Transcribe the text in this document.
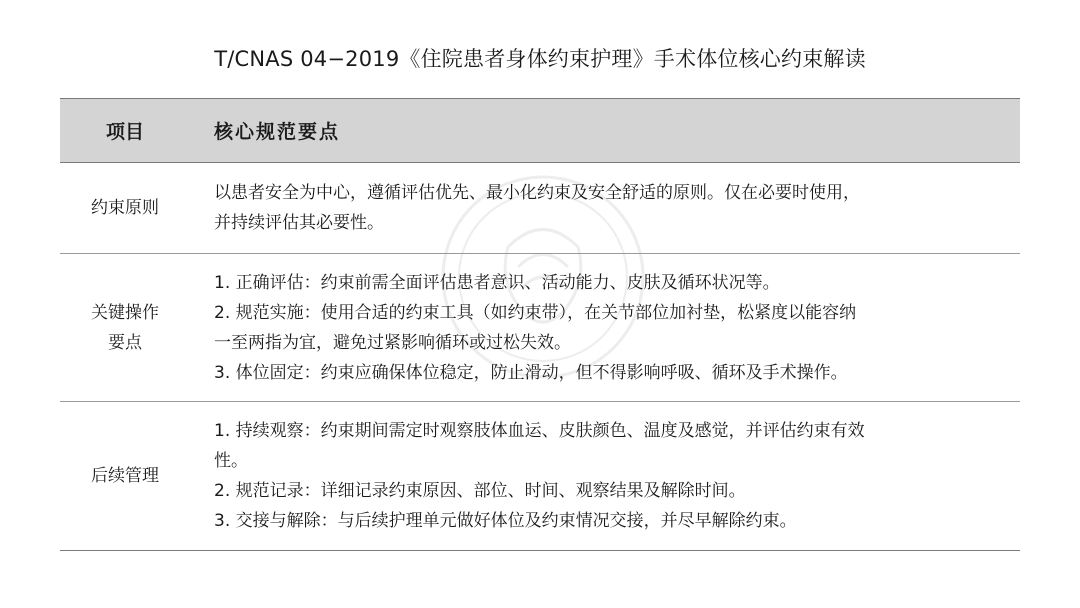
T/CNAS 04−2019《住院患者身体约束护理》手术体位核心约束解读
项目	核心规范要点
约束原则
以患者安全为中心，遵循评估优先、最小化约束及安全舒适的原则。仅在必要时使用，
并持续评估其必要性。
关键操作
要点
1. 正确评估：约束前需全面评估患者意识、活动能力、皮肤及循环状况等。
2. 规范实施：使用合适的约束工具（如约束带），在关节部位加衬垫，松紧度以能容纳
一至两指为宜，避免过紧影响循环或过松失效。
3. 体位固定：约束应确保体位稳定，防止滑动，但不得影响呼吸、循环及手术操作。
后续管理
1. 持续观察：约束期间需定时观察肢体血运、皮肤颜色、温度及感觉，并评估约束有效
性。
2. 规范记录：详细记录约束原因、部位、时间、观察结果及解除时间。
3. 交接与解除：与后续护理单元做好体位及约束情况交接，并尽早解除约束。
